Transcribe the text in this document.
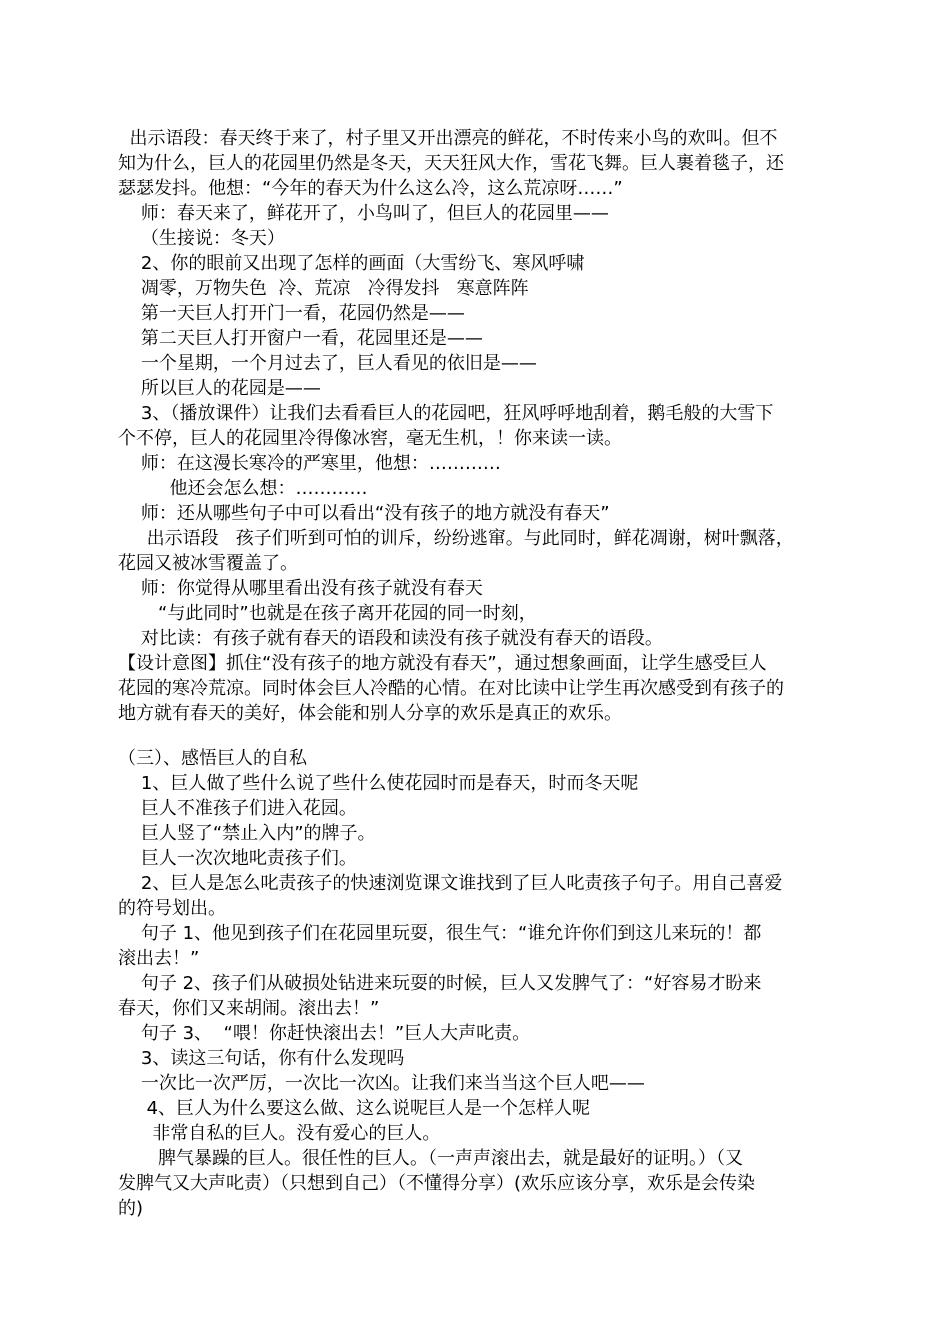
出示语段：春天终于来了，村子里又开出漂亮的鲜花，不时传来小鸟的欢叫。但不
知为什么，巨人的花园里仍然是冬天，天天狂风大作，雪花飞舞。巨人裹着毯子，还
瑟瑟发抖。他想：“今年的春天为什么这么冷，这么荒凉呀……”
师：春天来了，鲜花开了，小鸟叫了，但巨人的花园里——
（生接说：冬天）
2、你的眼前又出现了怎样的画面（大雪纷飞、寒风呼啸
凋零，万物失色  冷、荒凉   冷得发抖   寒意阵阵
第一天巨人打开门一看，花园仍然是——
第二天巨人打开窗户一看，花园里还是——
一个星期，一个月过去了，巨人看见的依旧是——
所以巨人的花园是——
3、（播放课件）让我们去看看巨人的花园吧，狂风呼呼地刮着，鹅毛般的大雪下
个不停，巨人的花园里冷得像冰窖，毫无生机，！你来读一读。
师：在这漫长寒冷的严寒里，他想：…………
他还会怎么想：…………
师：还从哪些句子中可以看出“没有孩子的地方就没有春天”
出示语段   孩子们听到可怕的训斥，纷纷逃窜。与此同时，鲜花凋谢，树叶飘落，
花园又被冰雪覆盖了。
师：你觉得从哪里看出没有孩子就没有春天
“与此同时”也就是在孩子离开花园的同一时刻，
对比读：有孩子就有春天的语段和读没有孩子就没有春天的语段。
【设计意图】抓住“没有孩子的地方就没有春天”，通过想象画面，让学生感受巨人
花园的寒冷荒凉。同时体会巨人冷酷的心情。在对比读中让学生再次感受到有孩子的
地方就有春天的美好，体会能和别人分享的欢乐是真正的欢乐。
（三）、感悟巨人的自私
1、巨人做了些什么说了些什么使花园时而是春天，时而冬天呢
巨人不准孩子们进入花园。
巨人竖了“禁止入内”的牌子。
巨人一次次地叱责孩子们。
2、巨人是怎么叱责孩子的快速浏览课文谁找到了巨人叱责孩子句子。用自己喜爱
的符号划出。
句子 1、他见到孩子们在花园里玩耍，很生气：“谁允许你们到这儿来玩的！都
滚出去！”
句子 2、孩子们从破损处钻进来玩耍的时候，巨人又发脾气了：“好容易才盼来
春天，你们又来胡闹。滚出去！”
句子 3、  “喂！你赶快滚出去！”巨人大声叱责。
3、读这三句话，你有什么发现吗
一次比一次严厉，一次比一次凶。让我们来当当这个巨人吧——
4、巨人为什么要这么做、这么说呢巨人是一个怎样人呢
非常自私的巨人。没有爱心的巨人。
脾气暴躁的巨人。很任性的巨人。（一声声滚出去，就是最好的证明。）（又
发脾气又大声叱责）（只想到自己）（不懂得分享）(欢乐应该分享，欢乐是会传染
的)
